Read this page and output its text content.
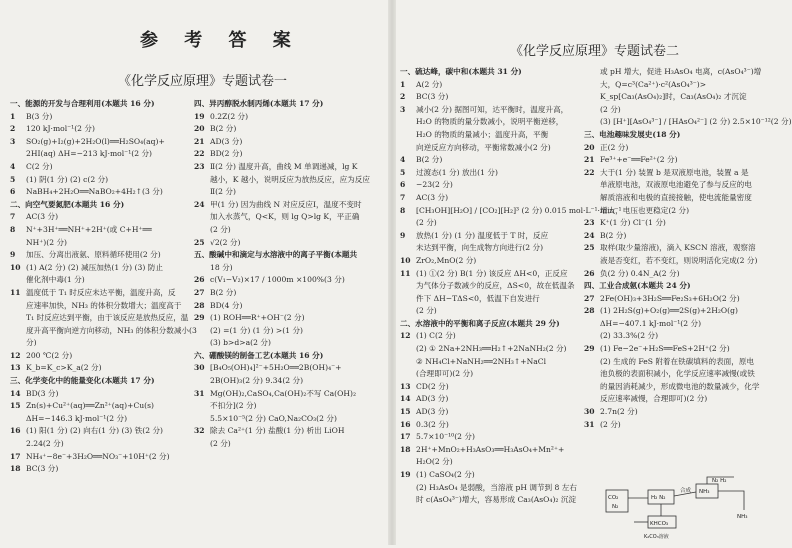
参 考 答 案
《化学反应原理》专题试卷一
《化学反应原理》专题试卷二
一、能源的开发与合理利用(本题共 16 分)
1 B(3 分)
2 120 kJ·mol⁻¹(2 分)
3 SO₂(g)+I₂(g)+2H₂O(l)══H₂SO₄(aq)+
2HI(aq) ΔH=−213 kJ·mol⁻¹(2 分)
4 C(2 分)
5 (1) 阴(1 分) (2) c(2 分)
6 NaBH₄+2H₂O══NaBO₂+4H₂↑(3 分)
二、向空气要氮肥(本题共 16 分)
7 AC(3 分)
8 N⁺+3H⁺══NH⁺+2H⁺(或 C+H⁺══
NH⁺)(2 分)
9 加压、分离出液氨、原料循环使用(2 分)
10 (1) A(2 分) (2) 减压加热(1 分) (3) 防止
催化剂中毒(1 分)
11 温度低于 T₁ 时反应未达平衡，温度升高，反
应速率加快，NH₃ 的体积分数增大；温度高于
T₁ 时反应达到平衡，由于该反应是放热反应，温
度升高平衡向逆方向移动，NH₃ 的体积分数减小(3
分)
12 200 ℃(2 分)
13 K_b=K_c>K_a(2 分)
三、化学变化中的能量变化(本题共 17 分)
14 BD(3 分)
15 Zn(s)+Cu²⁺(aq)══Zn²⁺(aq)+Cu(s)
ΔH=−146.3 kJ·mol⁻¹(2 分)
16 (1) 阳(1 分) (2) 向右(1 分) (3) 铁(2 分)
2.24(2 分)
17 NH₄⁺−8e⁻+3H₂O══NO₃⁻+10H⁺(2 分)
18 BC(3 分)
四、异丙醇脱水制丙烯(本题共 17 分)
19 0.2Z(2 分)
20 B(2 分)
21 AD(3 分)
22 BD(2 分)
23 Ⅱ(2 分) 温度升高，曲线 M 单调递减，lg K
越小，K 越小，说明反应为放热反应，应为反应
Ⅱ(2 分)
24 甲(1 分) 因为曲线 N 对应反应Ⅰ，温度不变时
加入水蒸气，Q<K，则 lg Q>lg K，平正确
(2 分)
25 √2(2 分)
五、酸碱中和滴定与水溶液中的离子平衡(本题共
18 分)
26 c(V₁−V₂)×17 / 1000m ×100%(3 分)
27 B(2 分)
28 BD(4 分)
29 (1) ROH══R⁺+OH⁻(2 分)
(2) =(1 分) (1 分) >(1 分)
(3) b>d>a(2 分)
六、硼酸镁的制备工艺(本题共 16 分)
30 [B₄O₅(OH)₄]²⁻+5H₂O══2B(OH)₄⁻+
2B(OH)₃(2 分) 9.34(2 分)
31 Mg(OH)₂,CaSO₄,Ca(OH)₂不写 Ca(OH)₂
不扣分](2 分)
5.5×10⁻⁵(2 分) CaO,Na₂CO₃(2 分)
32 除去 Ca²⁺(1 分) 盐酸(1 分) 析出 LiOH
(2 分)
一、硫达峰，碳中和(本题共 31 分)
1 A(2 分)
2 BC(3 分)
3 减小(2 分) 据图可知，达平衡时，温度升高，
H₂O 的物质的量分数减小，说明平衡逆移，
H₂O 的物质的量减小；温度升高，平衡
向逆反应方向移动，平衡常数减小(2 分)
4 B(2 分)
5 过渡态(1 分) 放出(1 分)
6 −23(2 分)
7 AC(3 分)
8 [CH₃OH][H₂O] / [CO₂][H₂]³ (2 分) 0.015 mol·L⁻¹·min⁻¹
(2 分)
9 放热(1 分) (1 分) 温度低于 T 时，反应
未达到平衡，向生成物方向进行(2 分)
10 ZrO₂,MnO(2 分)
11 (1) ①(2 分) B(1 分) 该反应 ΔH<0，正反应
为气体分子数减少的反应，ΔS<0，故在低温条
件下 ΔH−TΔS<0，低温下自发进行
(2 分)
二、水溶液中的平衡和离子反应(本题共 29 分)
12 (1) C(2 分)
(2) ① 2Na+2NH₃══H₂↑+2NaNH₂(2 分)
② NH₄Cl+NaNH₂══2NH₃↑+NaCl
(合理即可)(2 分)
13 CD(2 分)
14 AD(3 分)
15 AD(3 分)
16 0.3(2 分)
17 5.7×10⁻¹⁰(2 分)
18 2H⁺+MnO₂+H₃AsO₃══H₃AsO₄+Mn²⁺+
H₂O(2 分)
19 (1) CaSO₄(2 分)
(2) H₃AsO₄ 是弱酸，当溶液 pH 调节到 8 左右
时 c(AsO₄³⁻)增大，容易形成 Ca₃(AsO₄)₂ 沉淀
或 pH 增大，促进 H₃AsO₄ 电离，c(AsO₄³⁻)增
大，Q=c³(Ca²⁺)·c²(AsO₄³⁻)>
K_sp[Ca₃(AsO₄)₂]时，Ca₃(AsO₄)₂ 才沉淀
(2 分)
(3) [H⁺][AsO₄³⁻] / [HAsO₄²⁻] (2 分) 2.5×10⁻¹²(2 分)
三、电池趣味发展史(18 分)
20 正(2 分)
21 Fe³⁺+e⁻══Fe²⁺(2 分)
22 大于(1 分) 装置 b 是双液原电池，装置 a 是
单液原电池，双液原电池避免了参与反应的电
解质溶液和电极的直接接触，使电流能量密度
增大，电压也更稳定(2 分)
23 K⁺(1 分) Cl⁻(1 分)
24 B(2 分)
25 取样(取少量溶液)，滴入 KSCN 溶液，观察溶
液是否变红，若不变红，则说明活化完成(2 分)
26 负(2 分) 0.4N_A(2 分)
四、工业合成氨(本题共 24 分)
27 2Fe(OH)₃+3H₂S══Fe₂S₃+6H₂O(2 分)
28 (1) 2H₂S(g)+O₂(g)══2S(g)+2H₂O(g)
ΔH=−407.1 kJ·mol⁻¹(2 分)
(2) 33.3%(2 分)
29 (1) Fe−2e⁻+H₂S══FeS+2H⁺(2 分)
(2) 生成的 FeS 附着在铁碳填料的表面，原电
池负极的表面积减小，化学反应速率减慢(或铁
的量因消耗减少，形成微电池的数量减少，化学
反应速率减慢，合理即可)(2 分)
30 2.7n(2 分)
31 (2 分)
CO₂
N₂
H₂ N₂
合成 NH₃
N₂ H₂
KHCO₃
K₂CO₃溶液
NH₃
